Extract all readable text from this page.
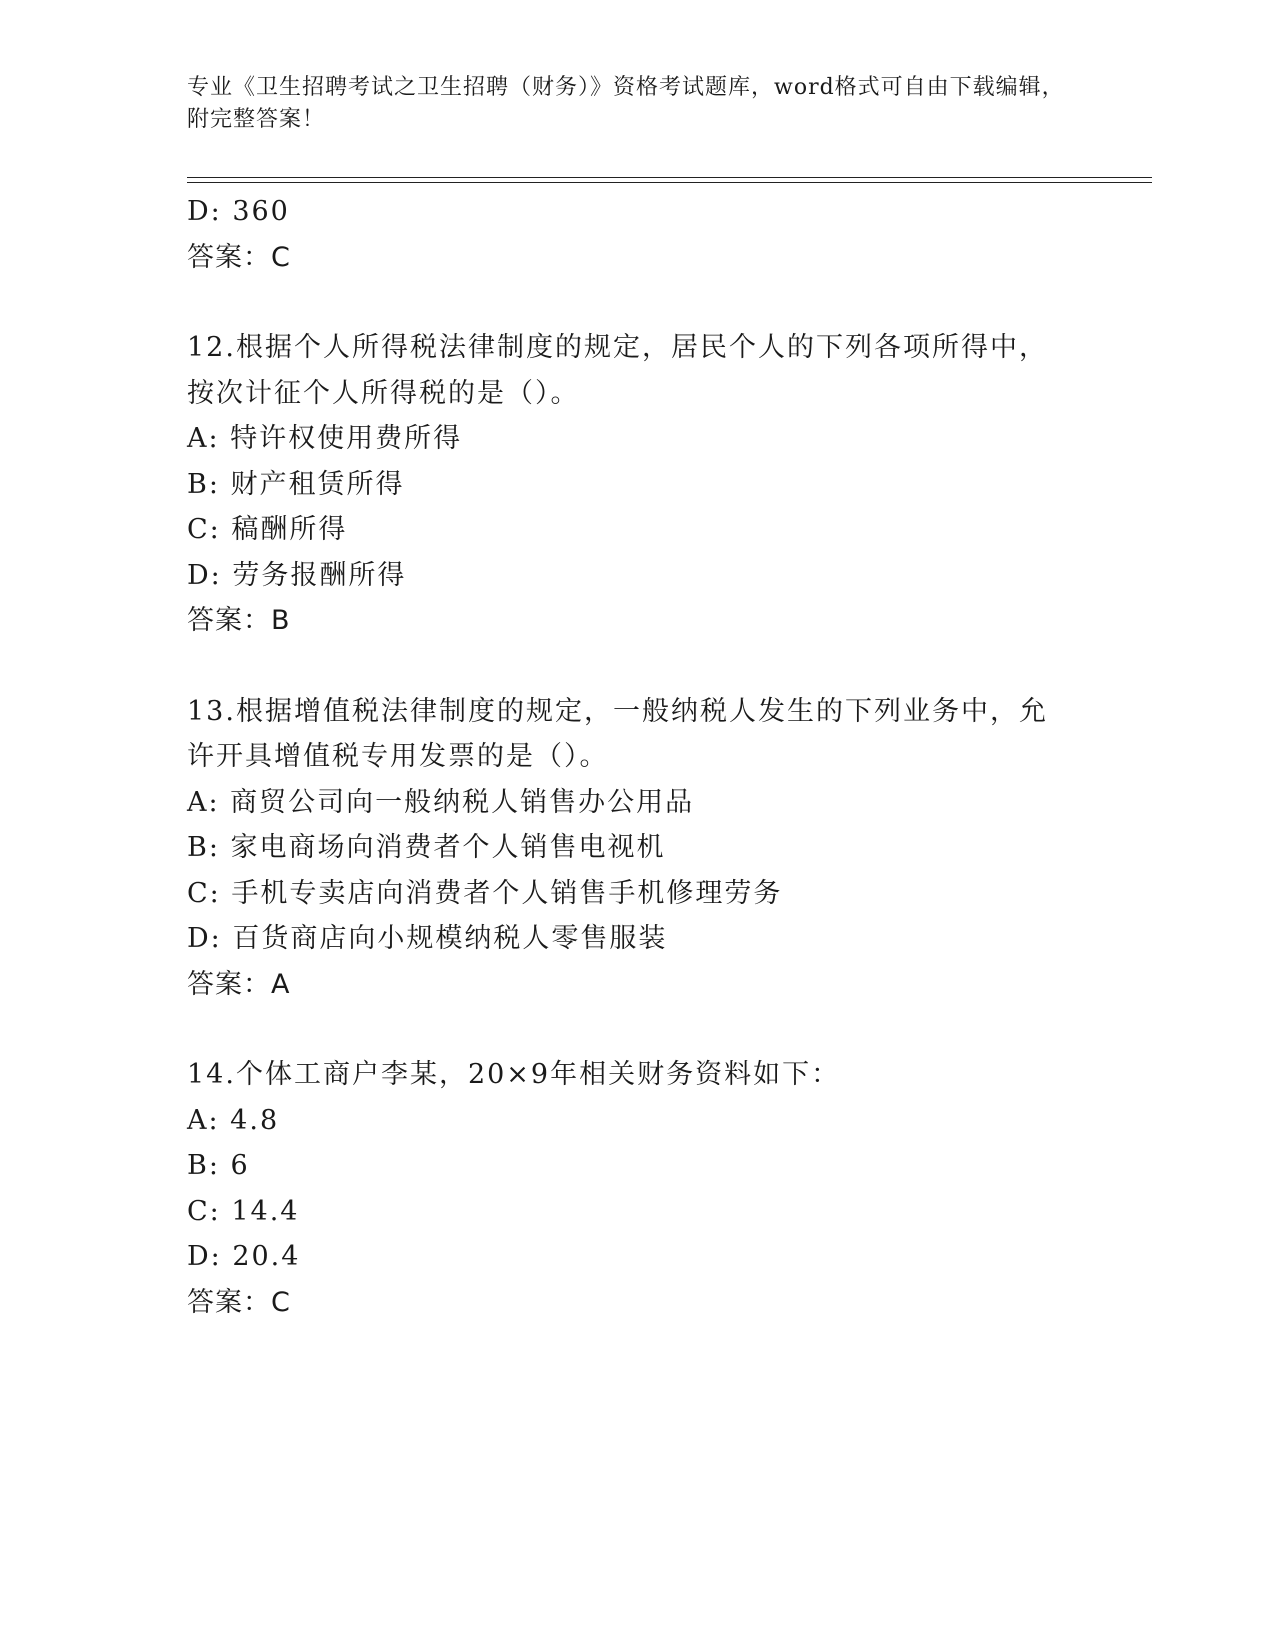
专业《卫生招聘考试之卫生招聘（财务）》资格考试题库，word格式可自由下载编辑，附完整答案！
D: 360
答案：C
12.根据个人所得税法律制度的规定，居民个人的下列各项所得中，按次计征个人所得税的是（）。
A: 特许权使用费所得
B: 财产租赁所得
C: 稿酬所得
D: 劳务报酬所得
答案：B
13.根据增值税法律制度的规定，一般纳税人发生的下列业务中，允许开具增值税专用发票的是（）。
A: 商贸公司向一般纳税人销售办公用品
B: 家电商场向消费者个人销售电视机
C: 手机专卖店向消费者个人销售手机修理劳务
D: 百货商店向小规模纳税人零售服装
答案：A
14.个体工商户李某，20×9年相关财务资料如下：
A: 4.8
B: 6
C: 14.4
D: 20.4
答案：C
